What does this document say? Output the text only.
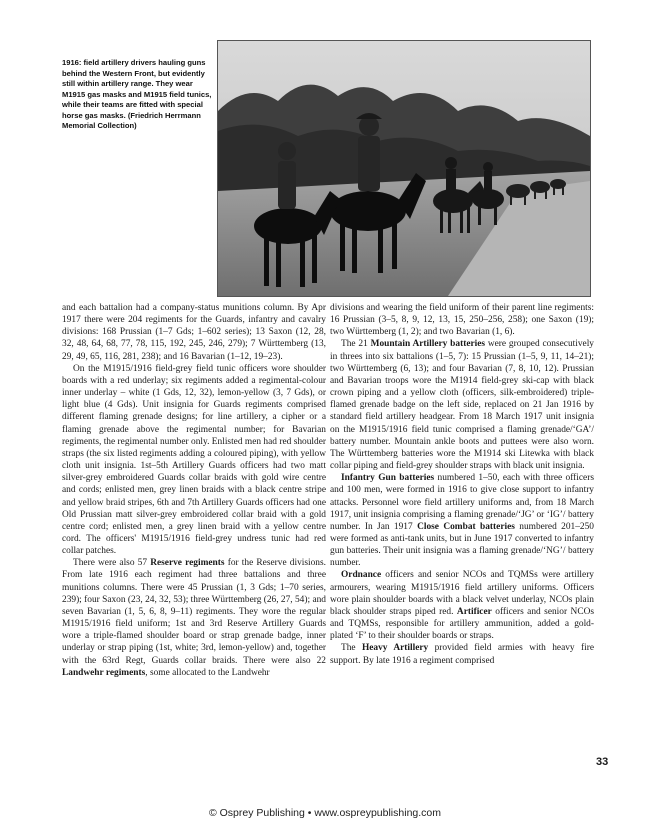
1916: field artillery drivers hauling guns behind the Western Front, but evidently still within artillery range. They wear M1915 gas masks and M1915 field tunics, while their teams are fitted with special horse gas masks. (Friedrich Herrmann Memorial Collection)

and each battalion had a company-status munitions column. By Apr 1917 there were 204 regiments for the Guards, infantry and cavalry divisions: 168 Prussian (1–7 Gds; 1–602 series); 13 Saxon (12, 28, 32, 48, 64, 68, 77, 78, 115, 192, 245, 246, 279); 7 Württemberg (13, 29, 49, 65, 116, 281, 238); and 16 Bavarian (1–12, 19–23).

On the M1915/1916 field-grey field tunic officers wore shoulder boards with a red underlay; six regiments added a regimental-colour inner underlay – white (1 Gds, 12, 32), lemon-yellow (3, 7 Gds), or light blue (4 Gds). Unit insignia for Guards regiments comprised different flaming grenade designs; for line artillery, a cipher or a flaming grenade above the regimental number; for Bavarian regiments, the regimental number only. Enlisted men had red shoulder straps (the six listed regiments adding a coloured piping), with yellow cloth unit insignia. 1st–5th Artillery Guards officers had two matt silver-grey embroidered Guards collar braids with gold wire centre and cords; enlisted men, grey linen braids with a black centre stripe and yellow braid stripes, 6th and 7th Artillery Guards officers had one Old Prussian matt silver-grey embroidered collar braid with a gold centre cord; enlisted men, a grey linen braid with a yellow centre cord. The officers' M1915/1916 field-grey undress tunic had red collar patches.

There were also 57 Reserve regiments for the Reserve divisions. From late 1916 each regiment had three battalions and three munitions columns. There were 45 Prussian (1, 3 Gds; 1–70 series, 239); four Saxon (23, 24, 32, 53); three Württemberg (26, 27, 54); and seven Bavarian (1, 5, 6, 8, 9–11) regiments. They wore the regular M1915/1916 field uniform; 1st and 3rd Reserve Artillery Guards wore a triple-flamed shoulder board or strap grenade badge, inner underlay or strap piping (1st, white; 3rd, lemon-yellow) and, together with the 63rd Regt, Guards collar braids. There were also 22 Landwehr regiments, some allocated to the Landwehr

divisions and wearing the field uniform of their parent line regiments: 16 Prussian (3–5, 8, 9, 12, 13, 15, 250–256, 258); one Saxon (19); two Württemberg (1, 2); and two Bavarian (1, 6).

The 21 Mountain Artillery batteries were grouped consecutively in threes into six battalions (1–5, 7): 15 Prussian (1–5, 9, 11, 14–21); two Württemberg (6, 13); and four Bavarian (7, 8, 10, 12). Prussian and Bavarian troops wore the M1914 field-grey ski-cap with black crown piping and a yellow cloth (officers, silk-embroidered) triple-flamed grenade badge on the left side, replaced on 21 Jan 1916 by standard field artillery headgear. From 18 March 1917 unit insignia on the M1915/1916 field tunic comprised a flaming grenade/‘GA’/ battery number. Mountain ankle boots and puttees were also worn. The Württemberg batteries wore the M1914 ski Litewka with black collar piping and field-grey shoulder straps with black unit insignia.

Infantry Gun batteries numbered 1–50, each with three officers and 100 men, were formed in 1916 to give close support to infantry attacks. Personnel wore field artillery uniforms and, from 18 March 1917, unit insignia comprising a flaming grenade/‘JG’ or ‘IG’/ battery number. In Jan 1917 Close Combat batteries numbered 201–250 were formed as anti-tank units, but in June 1917 converted to infantry gun batteries. Their unit insignia was a flaming grenade/‘NG’/ battery number.

Ordnance officers and senior NCOs and TQMSs were artillery armourers, wearing M1915/1916 field artillery uniforms. Officers wore plain shoulder boards with a black velvet underlay, NCOs plain black shoulder straps piped red. Artificer officers and senior NCOs and TQMSs, responsible for artillery ammunition, added a gold-plated ‘F’ to their shoulder boards or straps.

The Heavy Artillery provided field armies with heavy fire support. By late 1916 a regiment comprised

33
© Osprey Publishing • www.ospreypublishing.com
